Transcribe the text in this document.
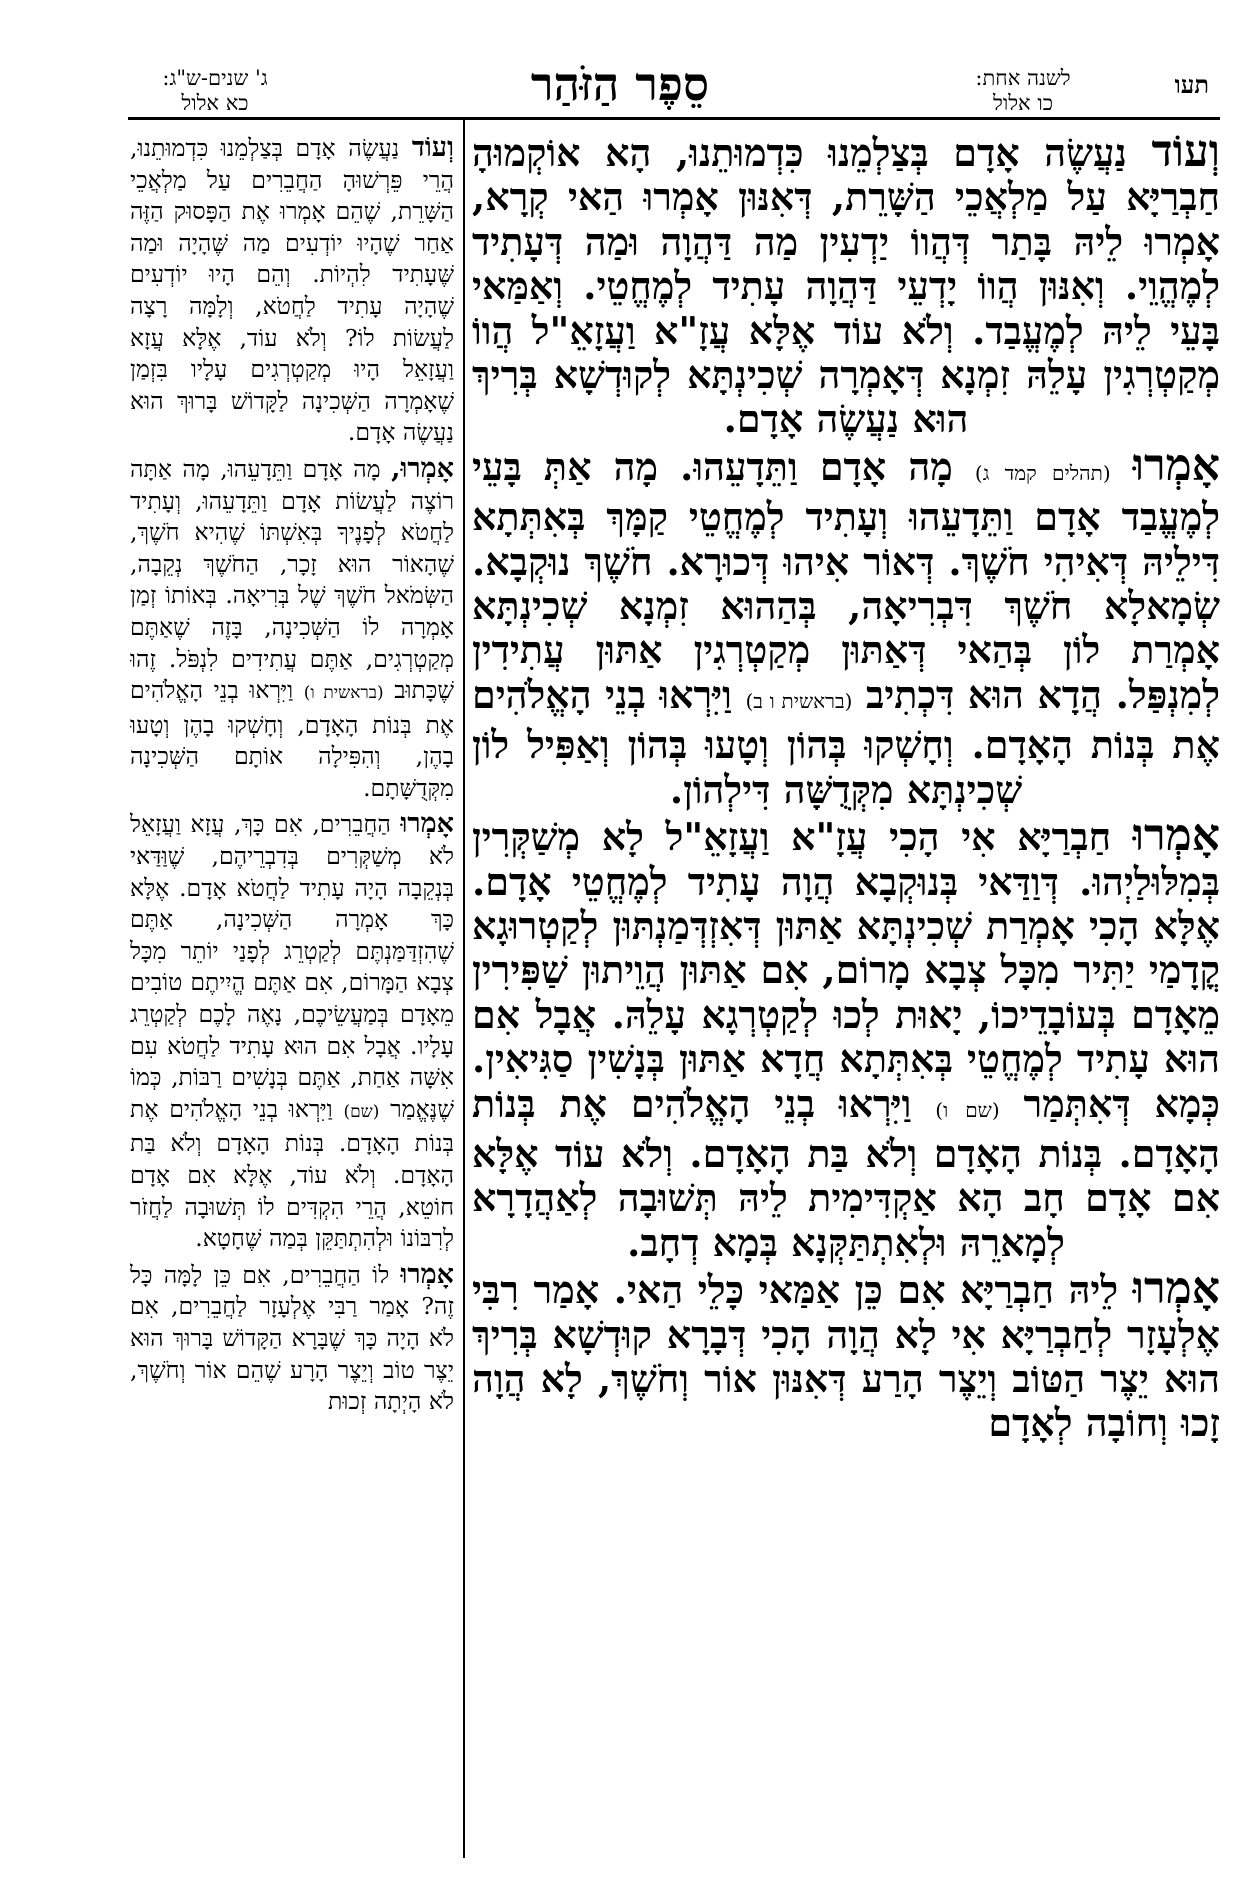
תעו
לשנה אחת:
כו אלול
סֵפֶר הַזֹּהַר
ג' שנים-ש"ג:
כא אלול

וְעוֹד נַעֲשֶׂה אָדָם בְּצַלְמֵנוּ כִּדְמוּתֵנוּ, הָא אוֹקְמוּהָ חַבְרַיָּא עַל מַלְאֲכֵי הַשָּׁרֵת, דְּאִנּוּן אָמְרוּ הַאי קְרָא, אָמְרוּ לֵיהּ בָּתַר דְּהֲווֹ יַדְעִין מַה דַּהֲוָה וּמַה דְּעָתִיד לְמֶהֱוֵי. וְאִנּוּן הֲווֹ יָדְעֵי דַּהֲוָה עָתִיד לְמֶחֱטֵי. וְאַמַּאי בָּעֵי לֵיהּ לְמֶעֱבַד. וְלֹא עוֹד אֶלָּא עֲזָ"א וַעֲזָאֵ"ל הֲווֹ מְקַטְרְגִין עָלֵהּ זִמְנָא דְּאָמְרָה שְׁכִינְתָּא לְקוּדְשָׁא בְּרִיךְ הוּא נַעֲשֶׂה אָדָם.

אָמְרוּ (תהלים קמד ג) מָה אָדָם וַתֵּדָעֵהוּ. מָה אַתְּ בָּעֵי לְמֶעֱבַד אָדָם וַתֵּדָעֵהוּ וְעָתִיד לְמֶחֱטֵי קַמָּךְ בְּאִתְּתָא דִּילֵיהּ דְּאִיהִי חֹשֶׁךְ. דְּאוֹר אִיהוּ דְּכוּרָא. חֹשֶׁךְ נוּקְבָא. שְׂמָאלָא חֹשֶׁךְ דִּבְרִיאָה, בְּהַהוּא זִמְנָא שְׁכִינְתָּא אָמְרַת לוֹן בְּהַאי דְּאַתּוּן מְקַטְרְגִין אַתּוּן עֲתִידִין לְמִנְפַּל. הֲדָא הוּא דִּכְתִיב (בראשית ו ב) וַיִּרְאוּ בְנֵי הָאֱלֹהִים אֶת בְּנוֹת הָאָדָם. וְחָשְׁקוּ בְּהוֹן וְטָעוּ בְּהוֹן וְאַפִּיל לוֹן שְׁכִינְתָּא מִקְּדֻשָּׁה דִּילְהוֹן.

אָמְרוּ חַבְרַיָּא אִי הָכִי עֲזָ"א וַעֲזָאֵ"ל לָא מְשַׁקְּרִין בְּמִלּוּלַיְהוּ. דְּוַדַּאי בְּנוּקְבָא הֲוָה עָתִיד לְמֶחֱטֵי אָדָם. אֶלָּא הָכִי אָמְרַת שְׁכִינְתָּא אַתּוּן דְּאִזְדְּמַנְתּוּן לְקַטְרוּגָא קֳדָמַי יַתִּיר מִכָּל צְבָא מָרוֹם, אִם אַתּוּן הֲוֵיתוּן שַׁפִּירִין מֵאָדָם בְּעוֹבָדֵיכוֹ, יָאוּת לְכוּ לְקַטְרְגָא עָלֵהּ. אֲבָל אִם הוּא עָתִיד לְמֶחֱטֵי בְּאִתְּתָא חֲדָא אַתּוּן בְּנָשִׁין סַגִּיאִין. כְּמָא דְּאִתְּמַר (שם ו) וַיִּרְאוּ בְנֵי הָאֱלֹהִים אֶת בְּנוֹת הָאָדָם. בְּנוֹת הָאָדָם וְלֹא בַּת הָאָדָם. וְלֹא עוֹד אֶלָּא אִם אָדָם חָב הָא אַקְדִּימִית לֵיהּ תְּשׁוּבָה לְאַהֲדָרָא לְמָארֵהּ וּלְאִתְתַּקְּנָא בְּמָא דְחָב.

אָמְרוּ לֵיהּ חַבְרַיָּא אִם כֵּן אַמַּאי כָּלֵי הַאי. אָמַר רִבִּי אֶלְעָזָר לְחַבְרַיָּא אִי לָא הֲוָה הָכִי דְּבָרָא קוּדְשָׁא בְּרִיךְ הוּא יֵצֶר הַטּוֹב וְיֵצֶר הָרַע דְּאִנּוּן אוֹר וְחֹשֶׁךְ, לָא הֲוָה זָכוּ וְחוֹבָה לְאָדָם

וְעוֹד נַעֲשֶׂה אָדָם בְּצַלְמֵנוּ כִּדְמוּתֵנוּ, הֲרֵי פֵּרְשׁוּהָ הַחֲבֵרִים עַל מַלְאֲכֵי הַשָּׁרֵת, שֶׁהֵם אָמְרוּ אֶת הַפָּסוּק הַזֶּה אַחַר שֶׁהָיוּ יוֹדְעִים מַה שֶּׁהָיָה וּמַה שֶּׁעָתִיד לִהְיוֹת. וְהֵם הָיוּ יוֹדְעִים שֶׁהָיָה עָתִיד לַחֲטֹא, וְלָמָּה רָצָה לַעֲשׂוֹת לוֹ? וְלֹא עוֹד, אֶלָּא עֲזָא וַעֲזָאֵל הָיוּ מְקַטְרְגִים עָלָיו בִּזְמַן שֶׁאָמְרָה הַשְּׁכִינָה לַקָּדוֹשׁ בָּרוּךְ הוּא נַעֲשֶׂה אָדָם.

אָמְרוּ, מָה אָדָם וַתֵּדָעֵהוּ, מָה אַתָּה רוֹצֶה לַעֲשׂוֹת אָדָם וַתֵּדָעֵהוּ, וְעָתִיד לַחֲטֹא לְפָנֶיךָ בְּאִשְׁתּוֹ שֶׁהִיא חֹשֶׁךְ, שֶׁהָאוֹר הוּא זָכָר, הַחֹשֶׁךְ נְקֵבָה, הַשְּׂמֹאל חֹשֶׁךְ שֶׁל בְּרִיאָה. בְּאוֹתוֹ זְמַן אָמְרָה לוֹ הַשְּׁכִינָה, בָּזֶה שֶׁאַתֶּם מְקַטְרְגִים, אַתֶּם עֲתִידִים לִנְפֹּל. זֶהוּ שֶׁכָּתוּב (בראשית ו) וַיִּרְאוּ בְנֵי הָאֱלֹהִים אֶת בְּנוֹת הָאָדָם, וְחָשְׁקוּ בָהֶן וְטָעוּ בָהֶן, וְהִפִּילָה אוֹתָם הַשְּׁכִינָה מִקְּדֻשָּׁתָם.

אָמְרוּ הַחֲבֵרִים, אִם כָּךְ, עֲזָא וַעֲזָאֵל לֹא מְשַׁקְּרִים בְּדִבְרֵיהֶם, שֶׁוַּדַּאי בְּנְקֵבָה הָיָה עָתִיד לַחֲטֹא אָדָם. אֶלָּא כָּךְ אָמְרָה הַשְּׁכִינָה, אַתֶּם שֶׁהִזְדַּמַּנְתֶּם לְקַטְרֵג לְפָנַי יוֹתֵר מִכָּל צְבָא הַמָּרוֹם, אִם אַתֶּם הֱיִיתֶם טוֹבִים מֵאָדָם בְּמַעֲשֵׂיכֶם, נָאֶה לָכֶם לְקַטְרֵג עָלָיו. אֲבָל אִם הוּא עָתִיד לַחֲטֹא עִם אִשָּׁה אַחַת, אַתֶּם בְּנָשִׁים רַבּוֹת, כְּמוֹ שֶׁנֶּאֱמַר (שם) וַיִּרְאוּ בְנֵי הָאֱלֹהִים אֶת בְּנוֹת הָאָדָם. בְּנוֹת הָאָדָם וְלֹא בַּת הָאָדָם. וְלֹא עוֹד, אֶלָּא אִם אָדָם חוֹטֵא, הֲרֵי הִקְדִּים לוֹ תְּשׁוּבָה לַחֲזֹר לְרִבּוֹנוֹ וּלְהִתְתַּקֵּן בְּמַה שֶּׁחָטָא.

אָמְרוּ לוֹ הַחֲבֵרִים, אִם כֵּן לָמָּה כָּל זֶה? אָמַר רַבִּי אֶלְעָזָר לַחֲבֵרִים, אִם לֹא הָיָה כָּךְ שֶׁבָּרָא הַקָּדוֹשׁ בָּרוּךְ הוּא יֵצֶר טוֹב וְיֵצֶר הָרָע שֶׁהֵם אוֹר וְחֹשֶׁךְ, לֹא הָיְתָה זְכוּת
